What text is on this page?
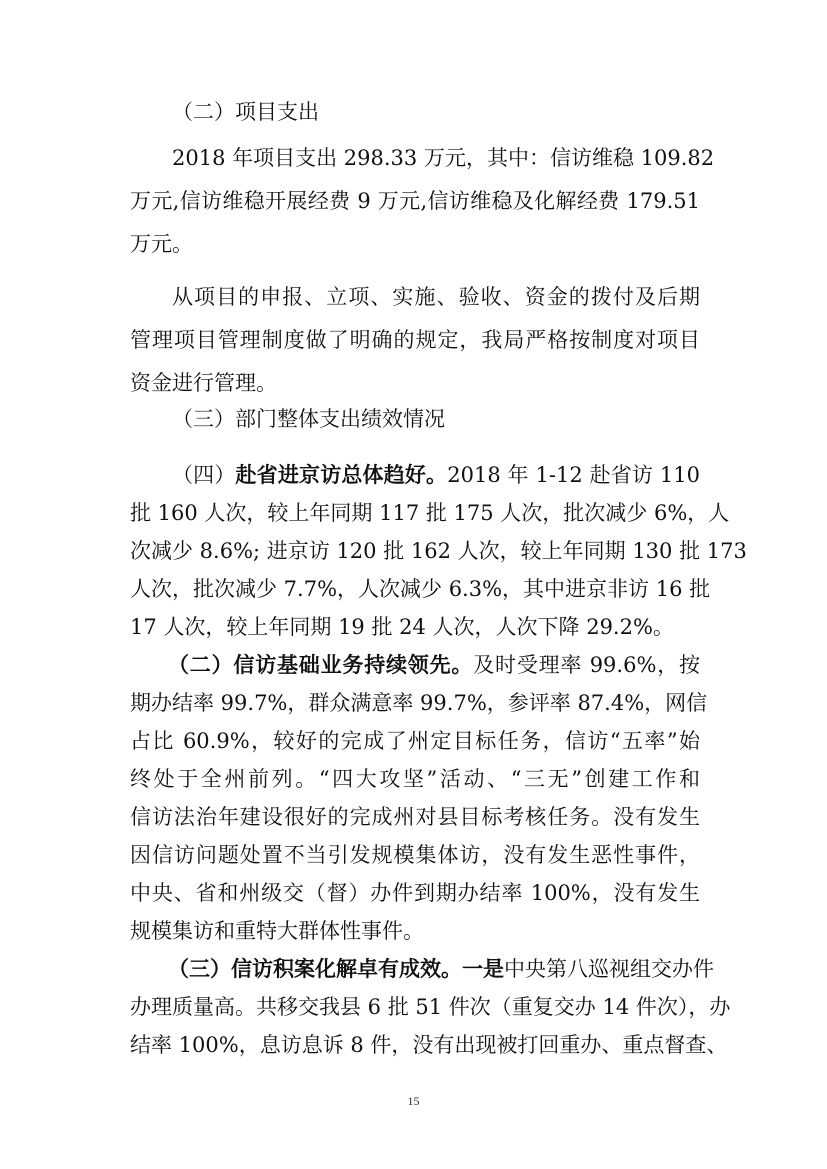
（二）项目支出
2018 年项目支出 298.33 万元，其中：信访维稳 109.82
万元,信访维稳开展经费 9 万元,信访维稳及化解经费 179.51
万元。
从项目的申报、立项、实施、验收、资金的拨付及后期
管理项目管理制度做了明确的规定，我局严格按制度对项目
资金进行管理。
（三）部门整体支出绩效情况
（四）赴省进京访总体趋好。2018 年 1-12 赴省访 110
批 160 人次，较上年同期 117 批 175 人次，批次减少 6%，人
次减少 8.6%; 进京访 120 批 162 人次，较上年同期 130 批 173
人次，批次减少 7.7%，人次减少 6.3%，其中进京非访 16 批
17 人次，较上年同期 19 批 24 人次，人次下降 29.2%。
（二）信访基础业务持续领先。及时受理率 99.6%，按
期办结率 99.7%，群众满意率 99.7%，参评率 87.4%，网信
占比 60.9%，较好的完成了州定目标任务，信访“五率”始
终处于全州前列。“四大攻坚”活动、“三无”创建工作和
信访法治年建设很好的完成州对县目标考核任务。没有发生
因信访问题处置不当引发规模集体访，没有发生恶性事件，
中央、省和州级交（督）办件到期办结率 100%，没有发生
规模集访和重特大群体性事件。
（三）信访积案化解卓有成效。一是中央第八巡视组交办件
办理质量高。共移交我县 6 批 51 件次（重复交办 14 件次），办
结率 100%，息访息诉 8 件，没有出现被打回重办、重点督查、
15
